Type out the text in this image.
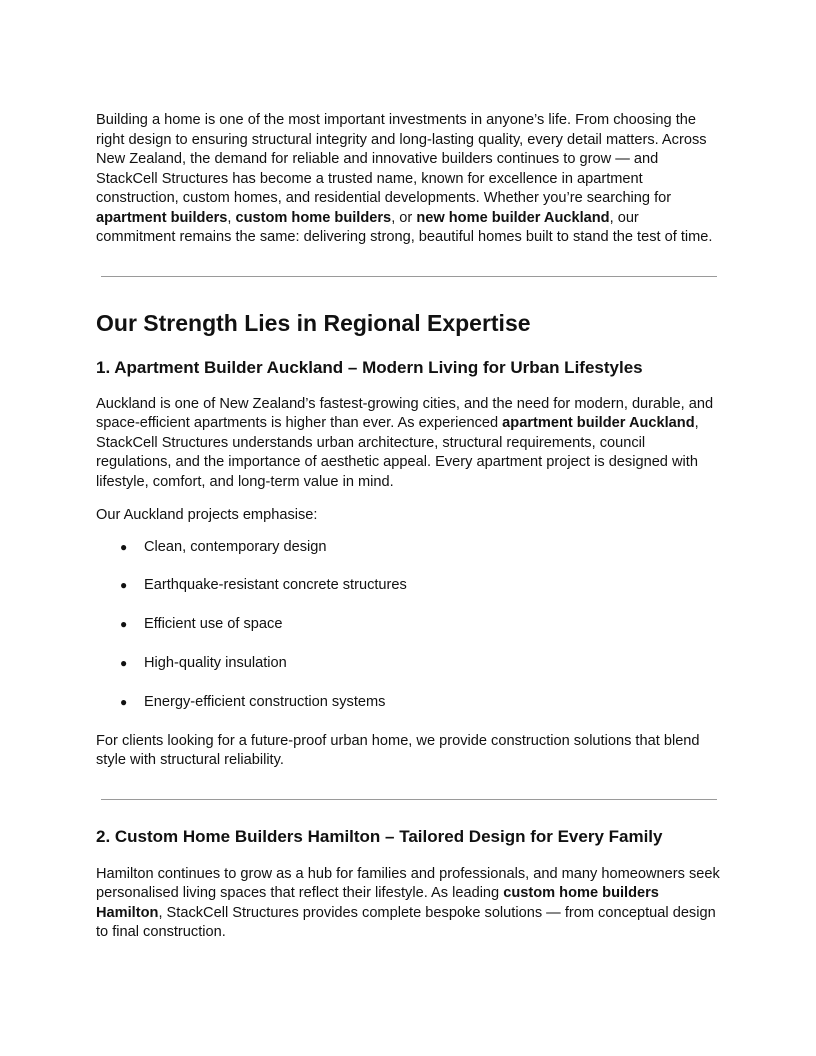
Building a home is one of the most important investments in anyone’s life. From choosing the right design to ensuring structural integrity and long-lasting quality, every detail matters. Across New Zealand, the demand for reliable and innovative builders continues to grow — and StackCell Structures has become a trusted name, known for excellence in apartment construction, custom homes, and residential developments. Whether you’re searching for apartment builders, custom home builders, or new home builder Auckland, our commitment remains the same: delivering strong, beautiful homes built to stand the test of time.

Our Strength Lies in Regional Expertise
1. Apartment Builder Auckland – Modern Living for Urban Lifestyles

Auckland is one of New Zealand’s fastest-growing cities, and the need for modern, durable, and space-efficient apartments is higher than ever. As experienced apartment builder Auckland, StackCell Structures understands urban architecture, structural requirements, council regulations, and the importance of aesthetic appeal. Every apartment project is designed with lifestyle, comfort, and long-term value in mind.

Our Auckland projects emphasise:

● Clean, contemporary design
● Earthquake-resistant concrete structures
● Efficient use of space
● High-quality insulation
● Energy-efficient construction systems

For clients looking for a future-proof urban home, we provide construction solutions that blend style with structural reliability.

2. Custom Home Builders Hamilton – Tailored Design for Every Family

Hamilton continues to grow as a hub for families and professionals, and many homeowners seek personalised living spaces that reflect their lifestyle. As leading custom home builders Hamilton, StackCell Structures provides complete bespoke solutions — from conceptual design to final construction.
